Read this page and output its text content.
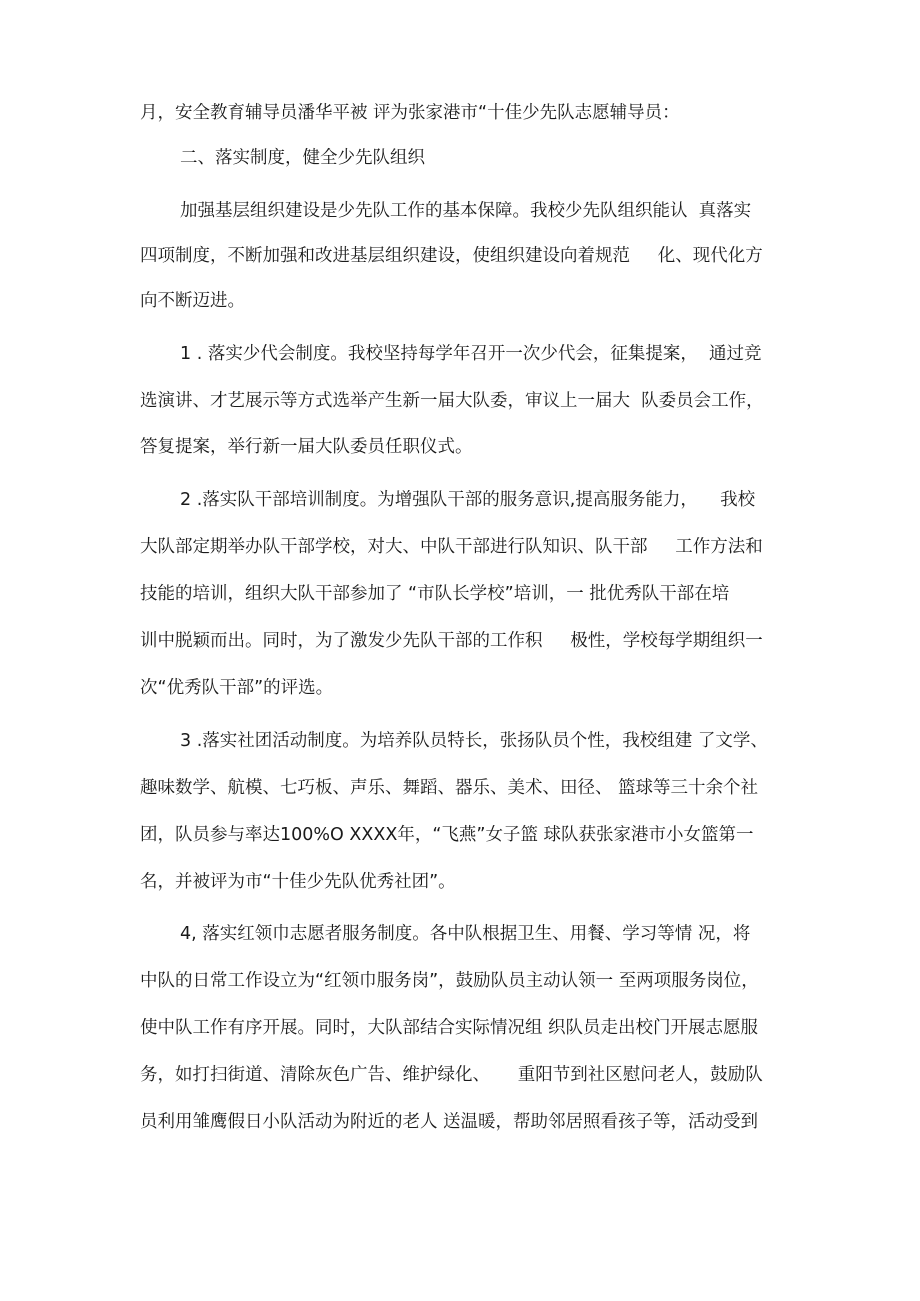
月，安全教育辅导员潘华平被 评为张家港市“十佳少先队志愿辅导员：
二、落实制度，健全少先队组织
加强基层组织建设是少先队工作的基本保障。我校少先队组织能认  真落实
四项制度，不断加强和改进基层组织建设，使组织建设向着规范     化、现代化方
向不断迈进。
1 . 落实少代会制度。我校坚持每学年召开一次少代会，征集提案，  通过竞
选演讲、才艺展示等方式选举产生新一届大队委，审议上一届大  队委员会工作，
答复提案，举行新一届大队委员任职仪式。
2 .落实队干部培训制度。为增强队干部的服务意识,提高服务能力，    我校
大队部定期举办队干部学校，对大、中队干部进行队知识、队干部     工作方法和
技能的培训，组织大队干部参加了 “市队长学校”培训，一 批优秀队干部在培
训中脱颖而出。同时，为了激发少先队干部的工作积     极性，学校每学期组织一
次“优秀队干部”的评选。
3 .落实社团活动制度。为培养队员特长，张扬队员个性，我校组建 了文学、
趣味数学、航模、七巧板、声乐、舞蹈、器乐、美术、田径、 篮球等三十余个社
团，队员参与率达100%O XXXX年，“飞燕”女子篮 球队获张家港市小女篮第一
名，并被评为市“十佳少先队优秀社团”。
4, 落实红领巾志愿者服务制度。各中队根据卫生、用餐、学习等情 况，将
中队的日常工作设立为“红领巾服务岗”，鼓励队员主动认领一 至两项服务岗位，
使中队工作有序开展。同时，大队部结合实际情况组 织队员走出校门开展志愿服
务，如打扫街道、清除灰色广告、维护绿化、     重阳节到社区慰问老人，鼓励队
员利用雏鹰假日小队活动为附近的老人 送温暖，帮助邻居照看孩子等，活动受到
